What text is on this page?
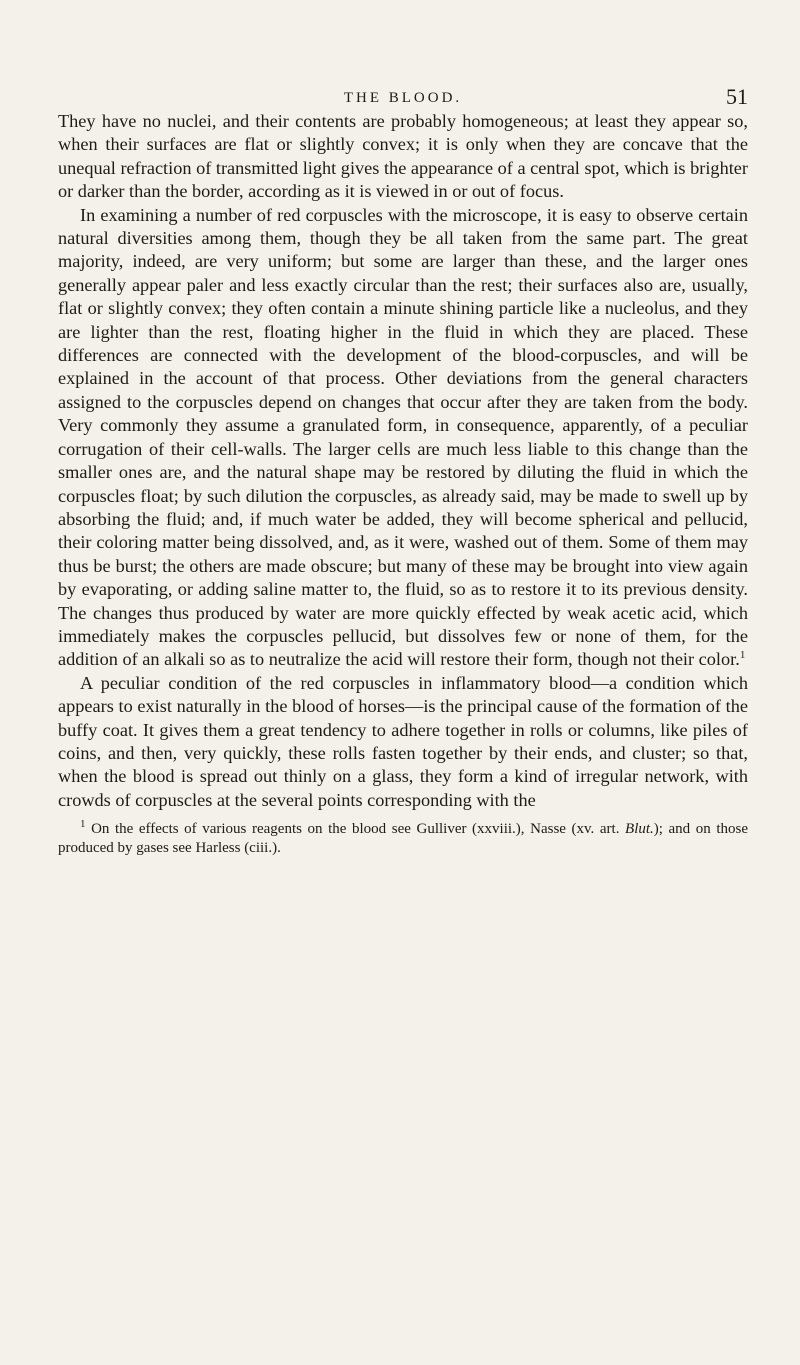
THE BLOOD.	51

They have no nuclei, and their contents are probably homogeneous; at least they appear so, when their surfaces are flat or slightly convex; it is only when they are concave that the unequal refraction of transmitted light gives the appearance of a central spot, which is brighter or darker than the border, according as it is viewed in or out of focus.

In examining a number of red corpuscles with the microscope, it is easy to observe certain natural diversities among them, though they be all taken from the same part. The great majority, indeed, are very uniform; but some are larger than these, and the larger ones generally appear paler and less exactly circular than the rest; their surfaces also are, usually, flat or slightly convex; they often contain a minute shining particle like a nucleolus, and they are lighter than the rest, floating higher in the fluid in which they are placed. These differences are connected with the development of the blood-corpuscles, and will be explained in the account of that process. Other deviations from the general characters assigned to the corpuscles depend on changes that occur after they are taken from the body. Very commonly they assume a granulated form, in consequence, apparently, of a peculiar corrugation of their cell-walls. The larger cells are much less liable to this change than the smaller ones are, and the natural shape may be restored by diluting the fluid in which the corpuscles float; by such dilution the corpuscles, as already said, may be made to swell up by absorbing the fluid; and, if much water be added, they will become spherical and pellucid, their coloring matter being dissolved, and, as it were, washed out of them. Some of them may thus be burst; the others are made obscure; but many of these may be brought into view again by evaporating, or adding saline matter to, the fluid, so as to restore it to its previous density. The changes thus produced by water are more quickly effected by weak acetic acid, which immediately makes the corpuscles pellucid, but dissolves few or none of them, for the addition of an alkali so as to neutralize the acid will restore their form, though not their color.$^1$

A peculiar condition of the red corpuscles in inflammatory blood—a condition which appears to exist naturally in the blood of horses—is the principal cause of the formation of the buffy coat. It gives them a great tendency to adhere together in rolls or columns, like piles of coins, and then, very quickly, these rolls fasten together by their ends, and cluster; so that, when the blood is spread out thinly on a glass, they form a kind of irregular network, with crowds of corpuscles at the several points corresponding with the

$^1$ On the effects of various reagents on the blood see Gulliver (xxviii.), Nasse (xv. art. Blut.); and on those produced by gases see Harless (ciii.).
